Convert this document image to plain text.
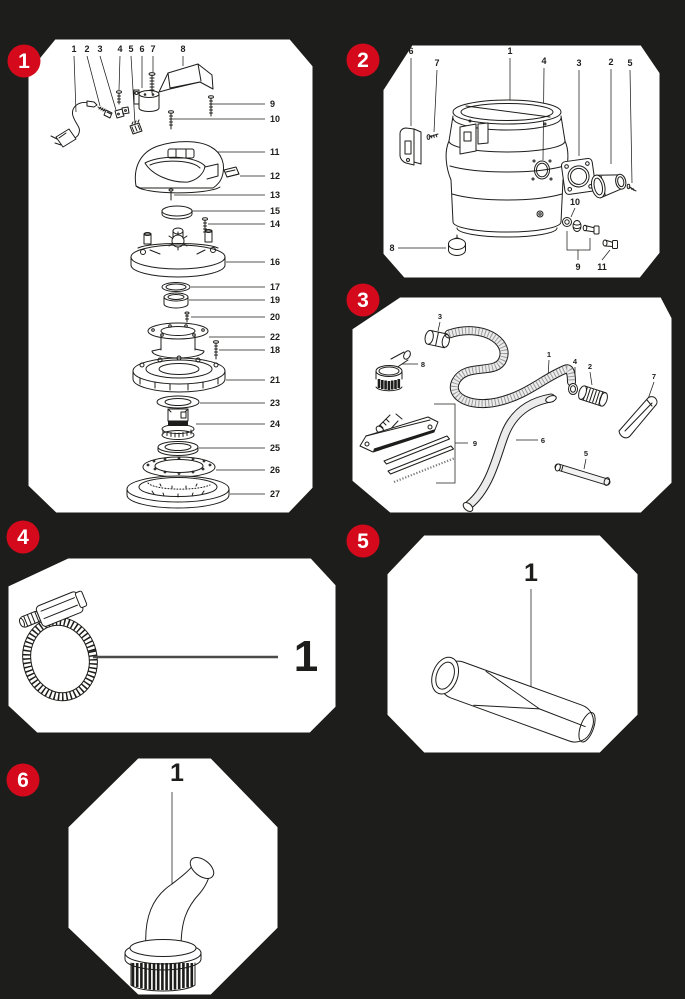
1
1 2 3 4 5 6 7	8
9
10
11
12
13
15
14
16
17
19
20
22
18
21
23
24
25
26
27
2	6
7
1
4	3	2 5
8
10
9 11
3
3
1
4
2
7
8
9	6
5
4
1
5
1
6	1
